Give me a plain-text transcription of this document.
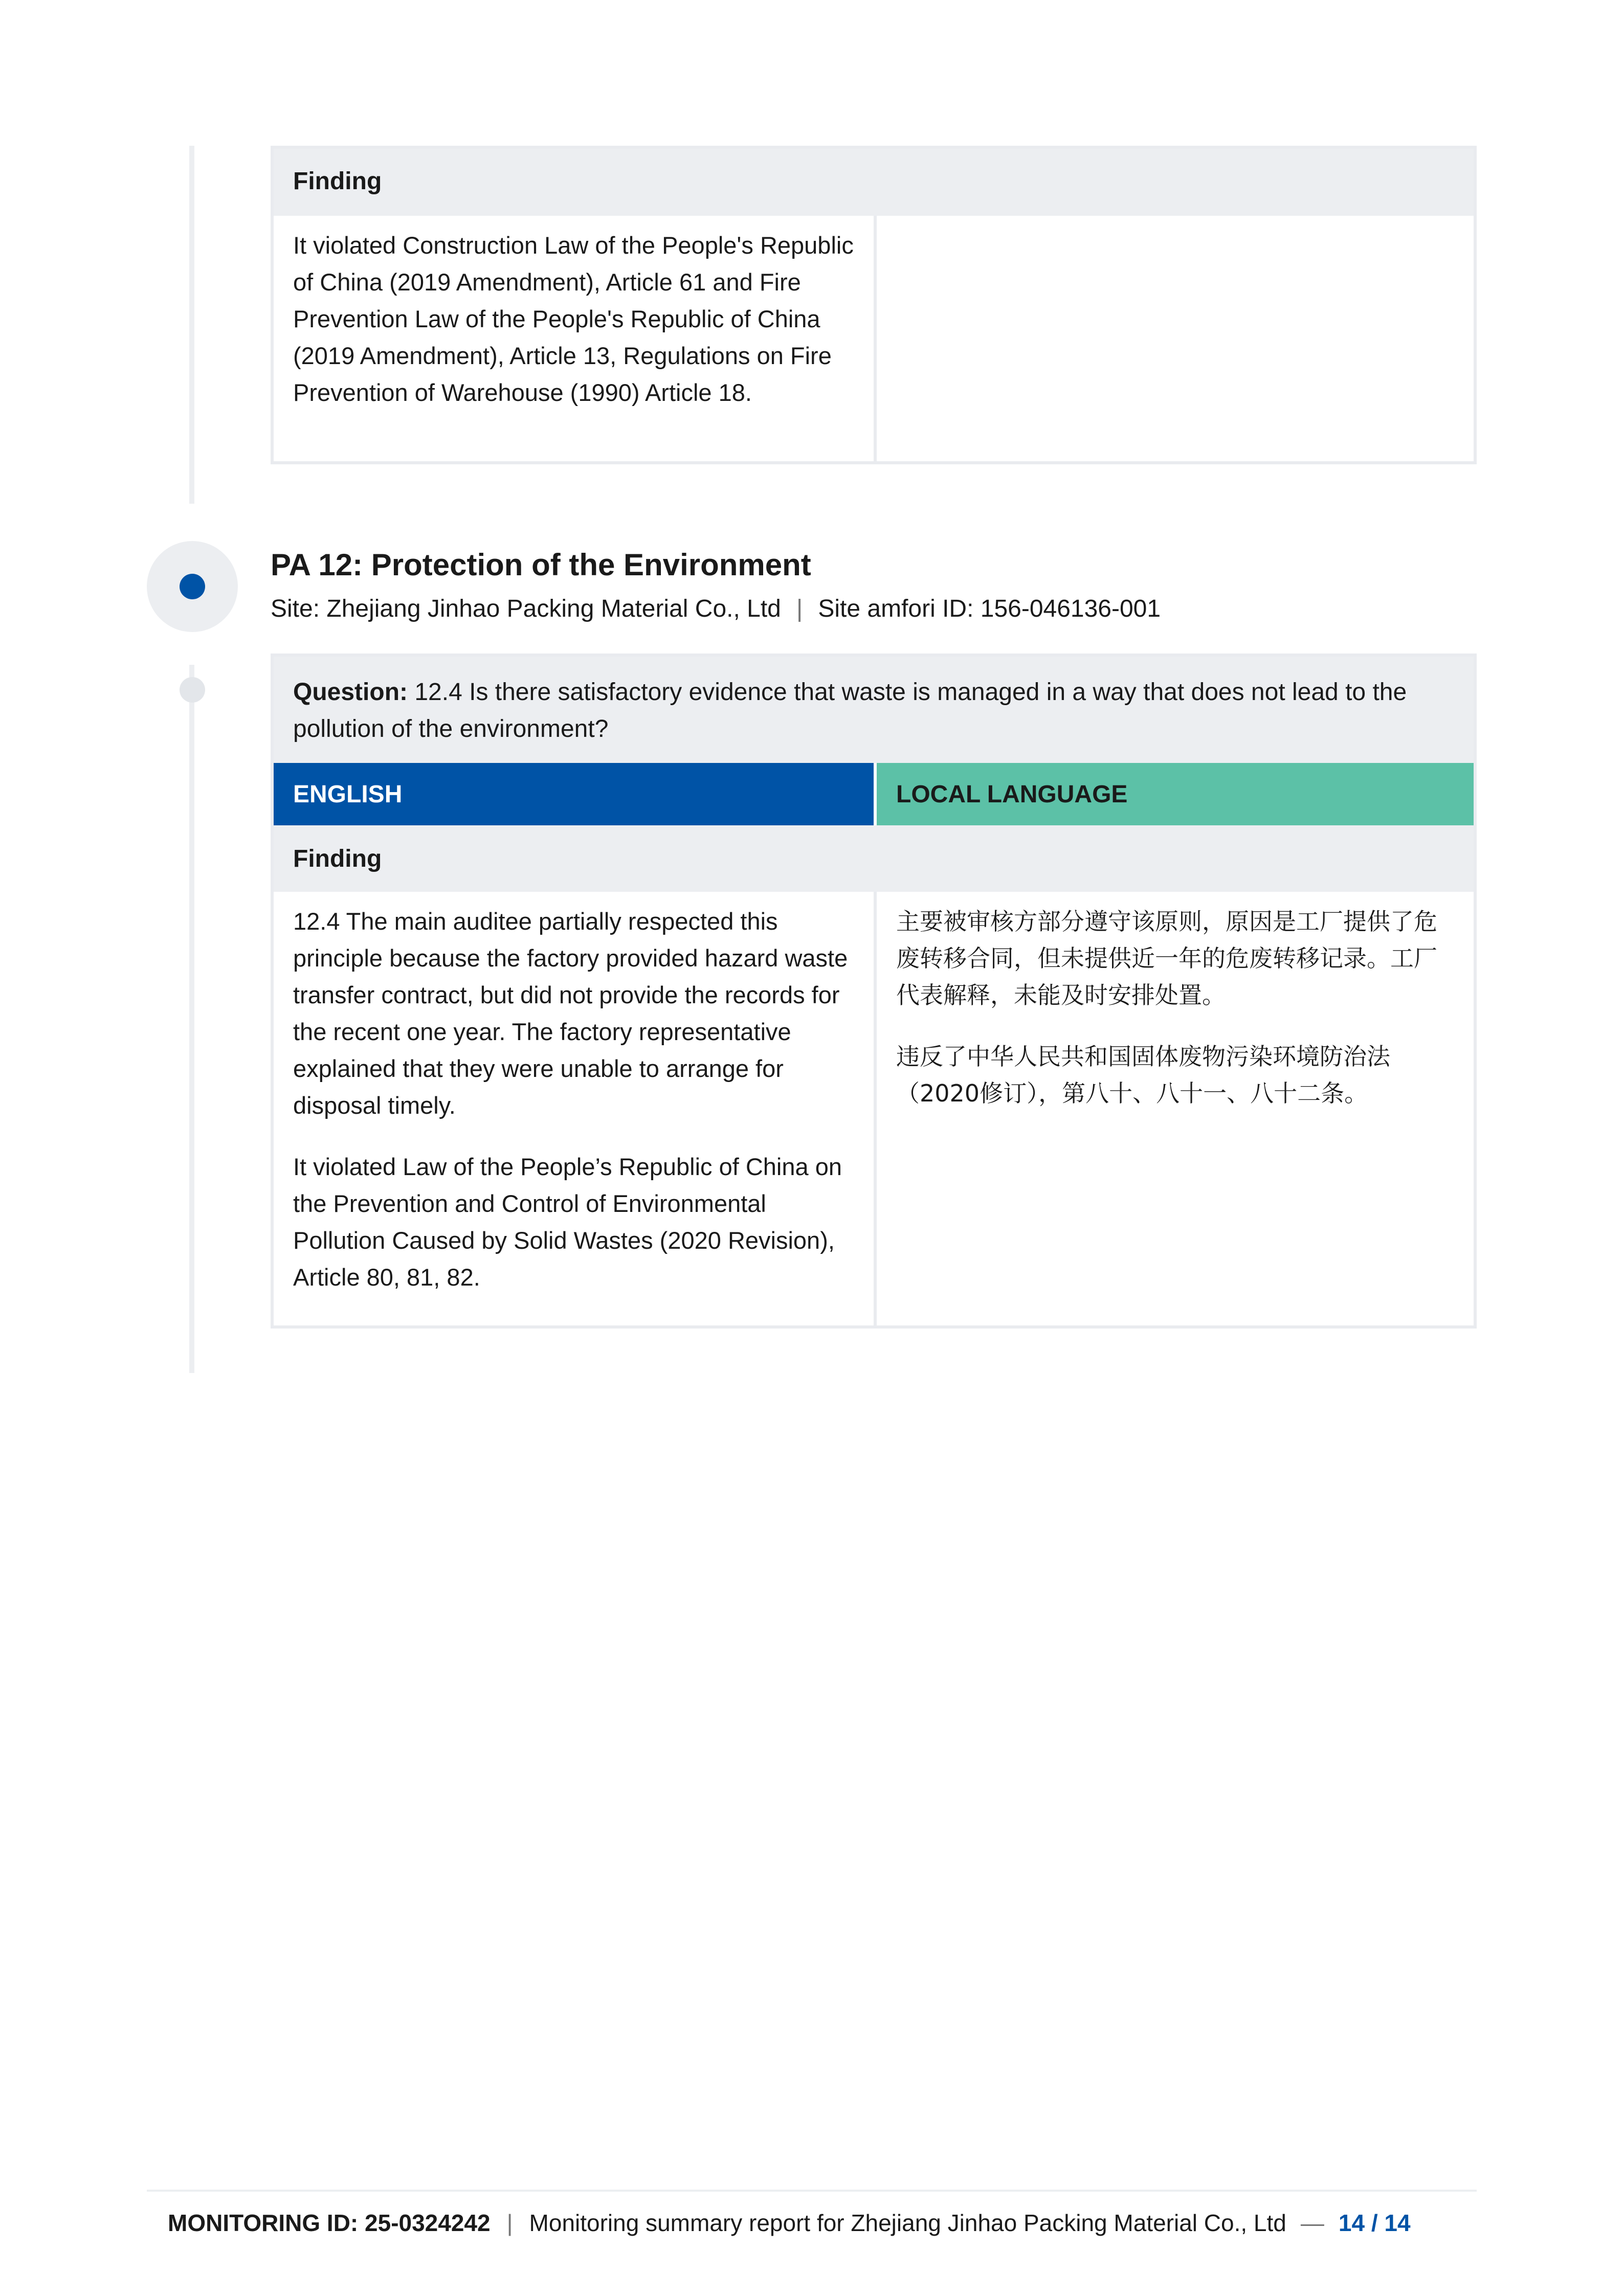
Finding

It violated Construction Law of the People's Republic of China (2019 Amendment), Article 61 and Fire Prevention Law of the People's Republic of China (2019 Amendment), Article 13, Regulations on Fire Prevention of Warehouse (1990) Article 18.

PA 12: Protection of the Environment
Site: Zhejiang Jinhao Packing Material Co., Ltd | Site amfori ID: 156-046136-001
Question: 12.4 Is there satisfactory evidence that waste is managed in a way that does not lead to the pollution of the environment?
ENGLISH	LOCAL LANGUAGE
Finding

12.4 The main auditee partially respected this principle because the factory provided hazard waste transfer contract, but did not provide the records for the recent one year. The factory representative explained that they were unable to arrange for disposal timely.

It violated Law of the People’s Republic of China on the Prevention and Control of Environmental Pollution Caused by Solid Wastes (2020 Revision), Article 80, 81, 82.

主要被审核方部分遵守该原则，原因是工厂提供了危废转移合同，但未提供近一年的危废转移记录。工厂代表解释，未能及时安排处置。

违反了中华人民共和国固体废物污染环境防治法（2020修订），第八十、八十一、八十二条。

MONITORING ID: 25-0324242 | Monitoring summary report for Zhejiang Jinhao Packing Material Co., Ltd — 14 / 14
